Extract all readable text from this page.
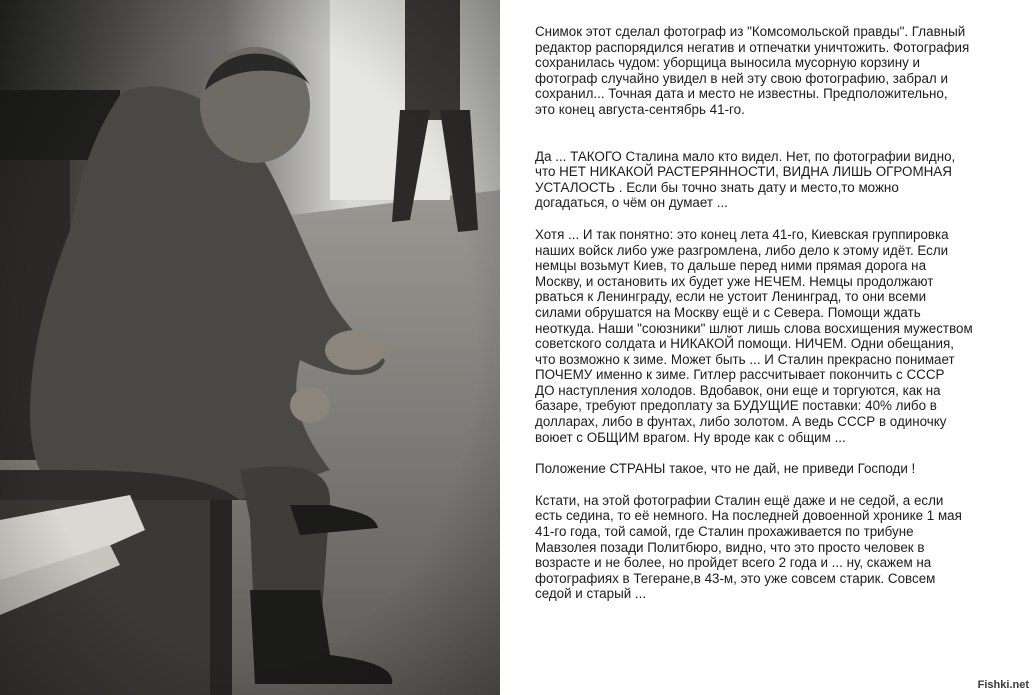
Снимок этот сделал фотограф из "Комсомольской правды". Главный
редактор распорядился негатив и отпечатки уничтожить. Фотография
сохранилась чудом: уборщица выносила мусорную корзину и
фотограф случайно увидел в ней эту свою фотографию, забрал и
сохранил... Точная дата и место не известны. Предположительно,
это конец августа-сентябрь 41-го.

Да ... ТАКОГО Сталина мало кто видел. Нет, по фотографии видно,
что НЕТ НИКАКОЙ РАСТЕРЯННОСТИ, ВИДНА ЛИШЬ ОГРОМНАЯ
УСТАЛОСТЬ . Если бы точно знать дату и место,то можно
догадаться, о чём он думает ...

Хотя ... И так понятно: это конец лета 41-го, Киевская группировка
наших войск либо уже разгромлена, либо дело к этому идёт. Если
немцы возьмут Киев, то дальше перед ними прямая дорога на
Москву, и остановить их будет уже НЕЧЕМ. Немцы продолжают
рваться к Ленинграду, если не устоит Ленинград, то они всеми
силами обрушатся на Москву ещё и с Севера. Помощи ждать
неоткуда. Наши "союзники" шлют лишь слова восхищения мужеством
советского солдата и НИКАКОЙ помощи. НИЧЕМ. Одни обещания,
что возможно к зиме. Может быть ... И Сталин прекрасно понимает
ПОЧЕМУ именно к зиме. Гитлер рассчитывает покончить с СССР
ДО наступления холодов. Вдобавок, они еще и торгуются, как на
базаре, требуют предоплату за БУДУЩИЕ поставки: 40% либо в
долларах, либо в фунтах, либо золотом. А ведь СССР в одиночку
воюет с ОБЩИМ врагом. Ну вроде как с общим ...

Положение СТРАНЫ такое, что не дай, не приведи Господи !

Кстати, на этой фотографии Сталин ещё даже и не седой, а если
есть седина, то её немного. На последней довоенной хронике 1 мая
41-го года, той самой, где Сталин прохаживается по трибуне
Мавзолея позади Политбюро, видно, что это просто человек в
возрасте и не более, но пройдет всего 2 года и ... ну, скажем на
фотографиях в Тегеране,в 43-м, это уже совсем старик. Совсем
седой и старый ...

Fishki.net
